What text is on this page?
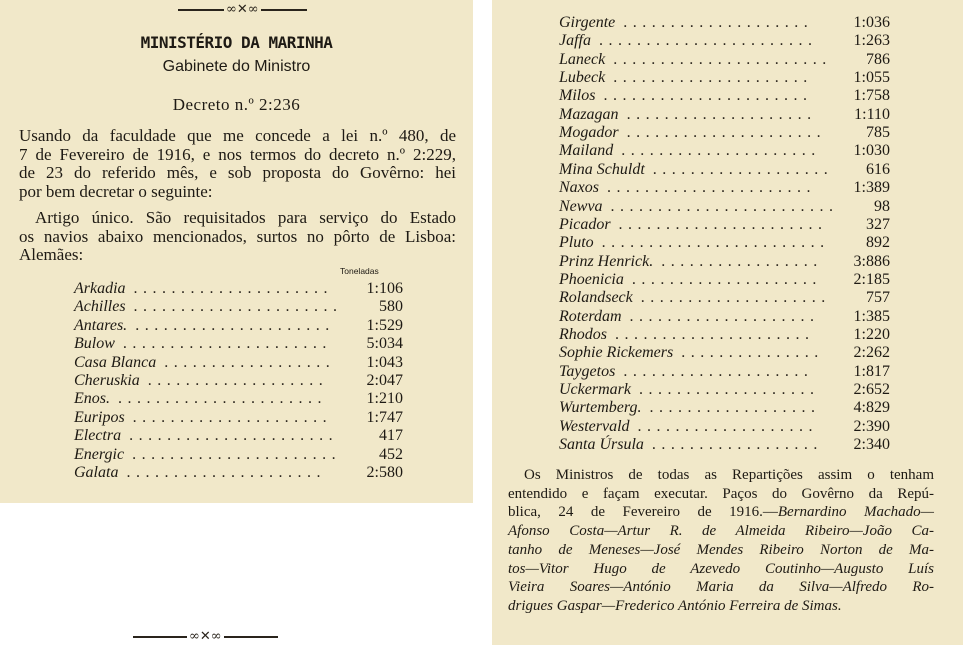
∞✕∞
MINISTÉRIO DA MARINHA
Gabinete do Ministro
Decreto n.º 2:236
Usando da faculdade que me concede a lei n.º 480, de
7 de Fevereiro de 1916, e nos termos do decreto n.º 2:229,
de 23 do referido mês, e sob proposta do Govêrno: hei
por bem decretar o seguinte:
Artigo único. São requisitados para serviço do Estado
os navios abaixo mencionados, surtos no pôrto de Lisboa:
Alemães:
Toneladas
Arkadia	1:106
.....................
Achilles	580
......................
Antares.	1:529
.....................
Bulow	5:034
......................
Casa Blanca	1:043
..................
Cheruskia	2:047
...................
Enos.	1:210
......................
Euripos	1:747
.....................
Electra	417
......................
Energic	452
......................
Galata	2:580
.....................
Girgente	1:036
....................
Jaffa	1:263
.......................
Laneck	786
.......................
Lubeck	1:055
.....................
Milos	1:758
......................
Mazagan	1:110
....................
Mogador	785
.....................
Mailand	1:030
.....................
Mina Schuldt	616
...................
Naxos	1:389
......................
Newva	98
........................
Picador	327
......................
Pluto	892
........................
Prinz Henrick.	3:886
.................
Phoenicia	2:185
....................
Rolandseck	757
....................
Roterdam	1:385
....................
Rhodos	1:220
.....................
Sophie Rickemers	2:262
...............
Taygetos	1:817
....................
Uckermark	2:652
...................
Wurtemberg.	4:829
..................
Westervald	2:390
...................
Santa Úrsula	2:340
..................
Os Ministros de todas as Repartições assim o tenham
entendido e façam executar. Paços do Govêrno da Repú-
blica, 24 de Fevereiro de 1916.—Bernardino Machado—
Afonso Costa—Artur R. de Almeida Ribeiro—João Ca-
tanho de Meneses—José Mendes Ribeiro Norton de Ma-
tos—Vitor Hugo de Azevedo Coutinho—Augusto Luís
Vieira Soares—António Maria da Silva—Alfredo Ro-
drigues Gaspar—Frederico António Ferreira de Simas.
∞✕∞
